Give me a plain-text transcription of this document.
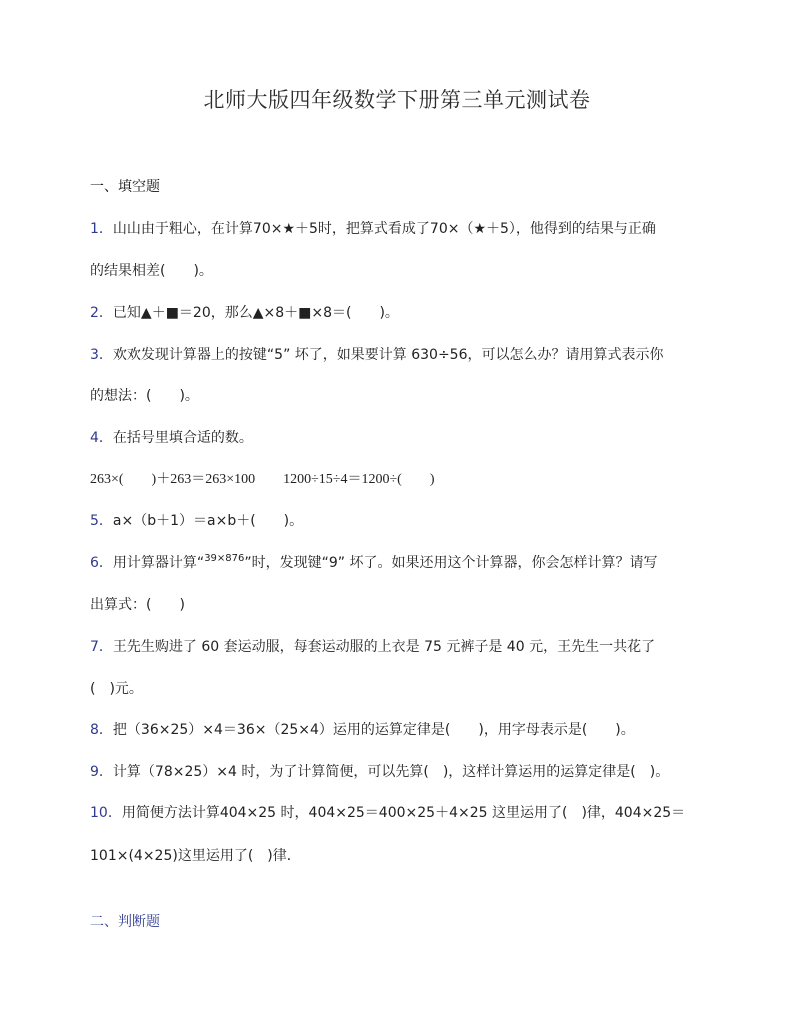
北师大版四年级数学下册第三单元测试卷
一、填空题
1．山山由于粗心，在计算70×★＋5时，把算式看成了70×（★＋5），他得到的结果与正确
的结果相差(　　)。
2．已知▲＋■＝20，那么▲×8＋■×8＝(　　)。
3．欢欢发现计算器上的按键“5” 坏了，如果要计算 630÷56，可以怎么办？请用算式表示你
的想法：(　　)。
4．在括号里填合适的数。
263×(　　)＋263＝263×100　　1200÷15÷4＝1200÷(　　)
5．a×（b＋1）＝a×b＋(　　)。
6．用计算器计算“$^{39\times 876}$”时，发现键“9” 坏了。如果还用这个计算器，你会怎样计算？请写
出算式：(　　)
7．王先生购进了 60 套运动服，每套运动服的上衣是 75 元裤子是 40 元，王先生一共花了
(　)元。
8．把（36×25）×4＝36×（25×4）运用的运算定律是(　　)，用字母表示是(　　)。
9．计算（78×25）×4 时，为了计算简便，可以先算(　)，这样计算运用的运算定律是(　)。
10．用简便方法计算404×25 时，404×25＝400×25＋4×25 这里运用了(　)律，404×25＝
101×(4×25)这里运用了(　)律．
二、判断题
